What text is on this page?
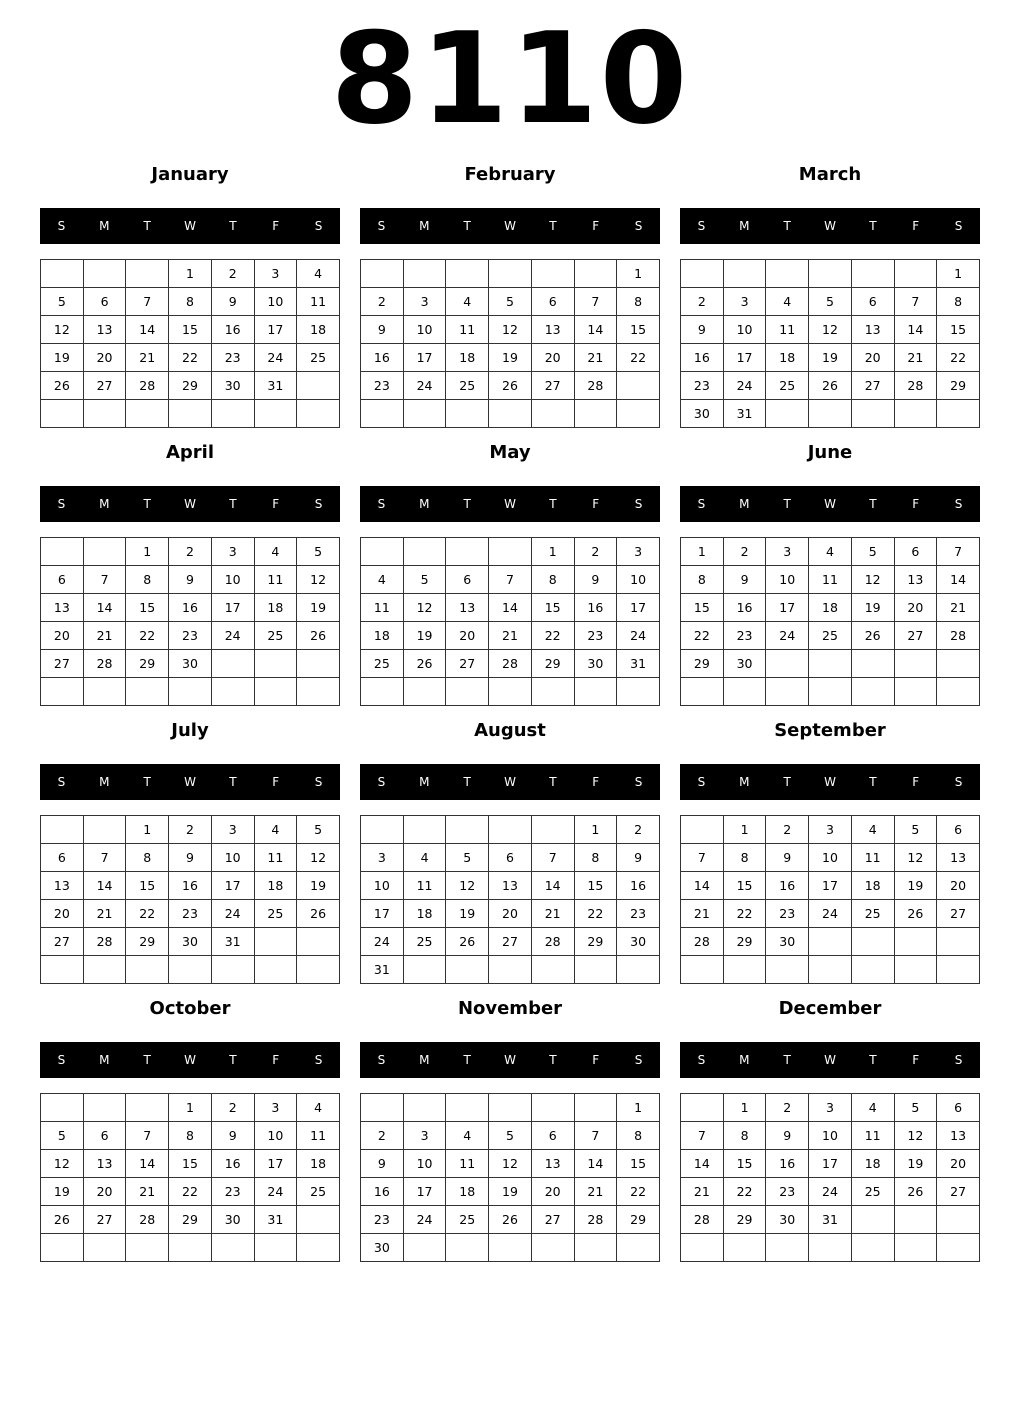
8110
January
S	M	T	W	T	F	S
			1	2	3	4
5	6	7	8	9	10	11
12	13	14	15	16	17	18
19	20	21	22	23	24	25
26	27	28	29	30	31	

February
S	M	T	W	T	F	S
						1
2	3	4	5	6	7	8
9	10	11	12	13	14	15
16	17	18	19	20	21	22
23	24	25	26	27	28	

March
S	M	T	W	T	F	S
						1
2	3	4	5	6	7	8
9	10	11	12	13	14	15
16	17	18	19	20	21	22
23	24	25	26	27	28	29
30	31					
April
S	M	T	W	T	F	S
		1	2	3	4	5
6	7	8	9	10	11	12
13	14	15	16	17	18	19
20	21	22	23	24	25	26
27	28	29	30			

May
S	M	T	W	T	F	S
				1	2	3
4	5	6	7	8	9	10
11	12	13	14	15	16	17
18	19	20	21	22	23	24
25	26	27	28	29	30	31

June
S	M	T	W	T	F	S
1	2	3	4	5	6	7
8	9	10	11	12	13	14
15	16	17	18	19	20	21
22	23	24	25	26	27	28
29	30					

July
S	M	T	W	T	F	S
		1	2	3	4	5
6	7	8	9	10	11	12
13	14	15	16	17	18	19
20	21	22	23	24	25	26
27	28	29	30	31		

August
S	M	T	W	T	F	S
					1	2
3	4	5	6	7	8	9
10	11	12	13	14	15	16
17	18	19	20	21	22	23
24	25	26	27	28	29	30
31						
September
S	M	T	W	T	F	S
	1	2	3	4	5	6
7	8	9	10	11	12	13
14	15	16	17	18	19	20
21	22	23	24	25	26	27
28	29	30				

October
S	M	T	W	T	F	S
			1	2	3	4
5	6	7	8	9	10	11
12	13	14	15	16	17	18
19	20	21	22	23	24	25
26	27	28	29	30	31	

November
S	M	T	W	T	F	S
						1
2	3	4	5	6	7	8
9	10	11	12	13	14	15
16	17	18	19	20	21	22
23	24	25	26	27	28	29
30						
December
S	M	T	W	T	F	S
	1	2	3	4	5	6
7	8	9	10	11	12	13
14	15	16	17	18	19	20
21	22	23	24	25	26	27
28	29	30	31			
